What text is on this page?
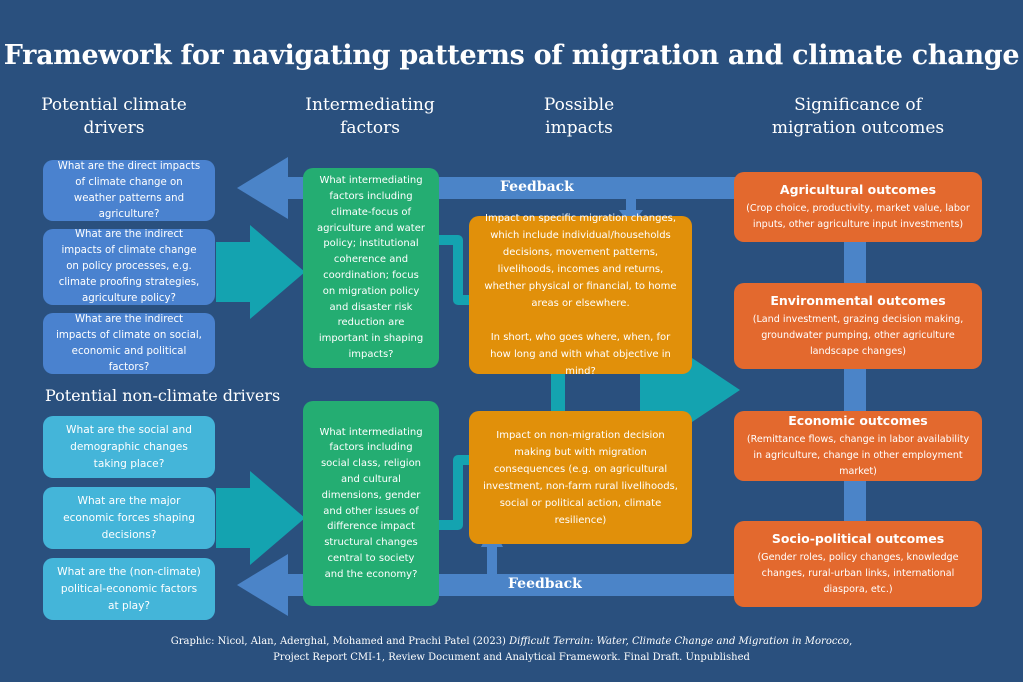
Framework for navigating patterns of migration and climate change
Potential climate drivers
Intermediating factors
Possible impacts
Significance of migration outcomes
What are the direct impacts of climate change on weather patterns and agriculture?
What are the indirect impacts of climate change on policy processes, e.g. climate proofing strategies, agriculture policy?
What are the indirect impacts of climate on social, economic and political factors?
Potential non-climate drivers
What are the social and demographic changes taking place?
What are the major economic forces shaping decisions?
What are the (non-climate) political-economic factors at play?
What intermediating factors including climate-focus of agriculture and water policy; institutional coherence and coordination; focus on migration policy and disaster risk reduction are important in shaping impacts?
What intermediating factors including social class, religion and cultural dimensions, gender and other issues of difference impact structural changes central to society and the economy?

Impact on specific migration changes, which include individual/households decisions, movement patterns, livelihoods, incomes and returns, whether physical or financial, to home areas or elsewhere.

In short, who goes where, when, for how long and with what objective in mind?

Impact on non-migration decision making but with migration consequences (e.g. on agricultural investment, non-farm rural livelihoods, social or political action, climate resilience)
Agricultural outcomes
(Crop choice, productivity, market value, labor inputs, other agriculture input investments)
Environmental outcomes
(Land investment, grazing decision making, groundwater pumping, other agriculture landscape changes)
Economic outcomes
(Remittance flows, change in labor availability in agriculture, change in other employment market)
Socio-political outcomes
(Gender roles, policy changes, knowledge changes, rural-urban links, international diaspora, etc.)
Feedback
Feedback
Graphic: Nicol, Alan, Aderghal, Mohamed and Prachi Patel (2023) Difficult Terrain: Water, Climate Change and Migration in Morocco,
Project Report CMI-1, Review Document and Analytical Framework. Final Draft. Unpublished
